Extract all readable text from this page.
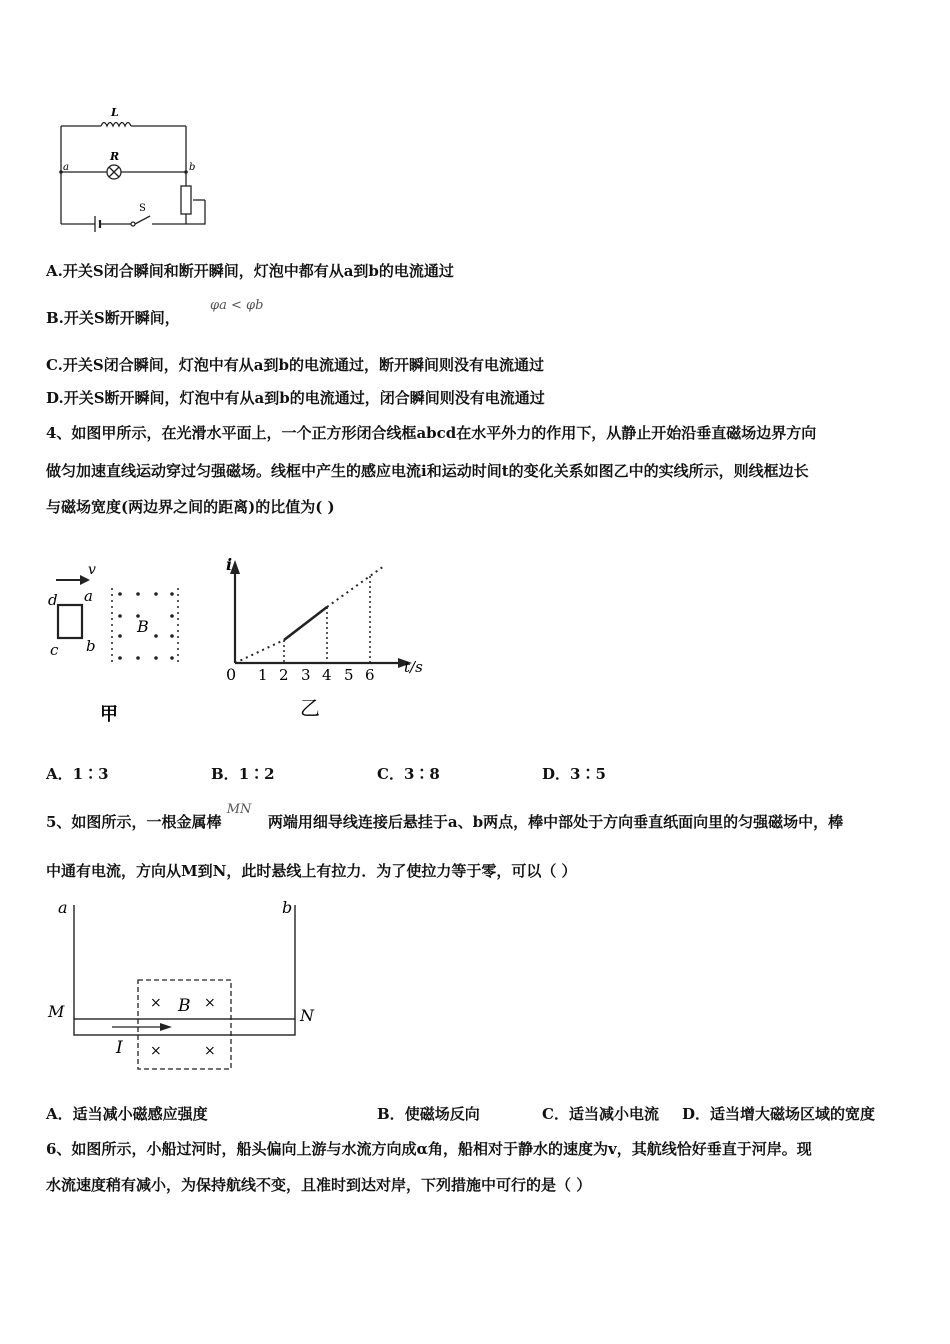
L
R
a	b
S
A.开关S闭合瞬间和断开瞬间，灯泡中都有从a到b的电流通过
B.开关S断开瞬间，
φa < φb
C.开关S闭合瞬间，灯泡中有从a到b的电流通过，断开瞬间则没有电流通过
D.开关S断开瞬间，灯泡中有从a到b的电流通过，闭合瞬间则没有电流通过
4、如图甲所示，在光滑水平面上，一个正方形闭合线框abcd在水平外力的作用下，从静止开始沿垂直磁场边界方向
做匀加速直线运动穿过匀强磁场。线框中产生的感应电流i和运动时间t的变化关系如图乙中的实线所示，则线框边长
与磁场宽度(两边界之间的距离)的比值为( )
v
d a
c b
B
甲
i
t/s
0 1 2 3 4 5 6
乙
A．1∶3	B．1∶2	C．3∶8	D．3∶5
5、如图所示，一根金属棒 MN 两端用细导线连接后悬挂于a、b两点，棒中部处于方向垂直纸面向里的匀强磁场中，棒
中通有电流，方向从M到N，此时悬线上有拉力．为了使拉力等于零，可以（ ）
a	b
M	N
×	×
×	×
B
I
A．适当减小磁感应强度	B．使磁场反向	C．适当减小电流 D．适当增大磁场区域的宽度
6、如图所示，小船过河时，船头偏向上游与水流方向成α角，船相对于静水的速度为v，其航线恰好垂直于河岸。现
水流速度稍有减小，为保持航线不变，且准时到达对岸，下列措施中可行的是（ ）
